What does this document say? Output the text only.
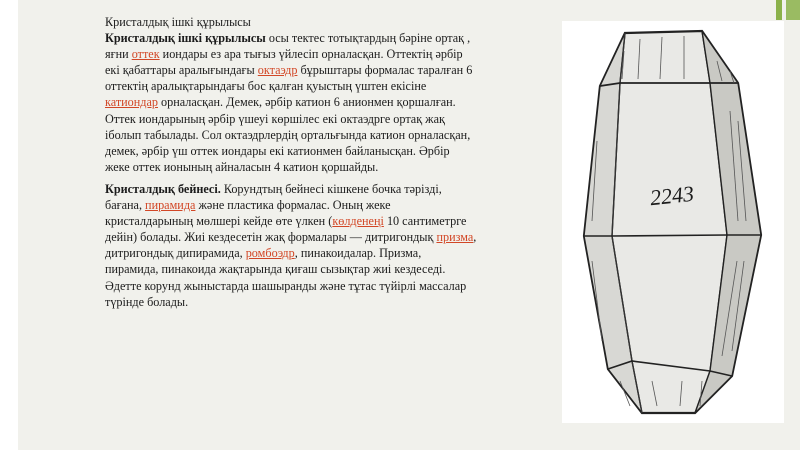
Кристалдық ішкі құрылысы

Кристалдық ішкі құрылысы осы тектес тотықтардың бәріне ортақ , яғни оттек иондары ез ара тығыз үйлесіп орналасқан. Оттектің әрбір екі қабаттары аралығындағы октаэдр бұрыштары формалас таралған 6 оттектің аралықтарындағы бос қалған қуыстың үштен екісіне катиондар орналасқан. Демек, әрбір катион 6 анионмен қоршалған. Оттек иондарының әрбір үшеуі көршілес екі октаэдрге ортақ жақ іболып табылады. Сол октаэдрлердің ортальғында катион орналасқан, демек, әрбір үш оттек иондары екі катионмен байланысқан. Әрбір жеке оттек ионының айналасын 4 катион қоршайды.

Кристалдық бейнесі. Корундтың бейнесі кішкене бочка тәрізді, бағана, пирамида және пластика формалас. Оның жеке кристалдарының мөлшері кейде өте үлкен (көлденеңі 10 сантиметрге дейін) болады. Жиі кездесетін жақ формалары — дитригондық призма, дитригондық дипирамида, ромбоэдр, пинакоидалар. Призма, пирамида, пинакоида жақтарында қиғаш сызықтар жиі кездеседі. Әдетте корунд жыныстарда шашыранды және тұтас түйірлі массалар түрінде болады.

2243
